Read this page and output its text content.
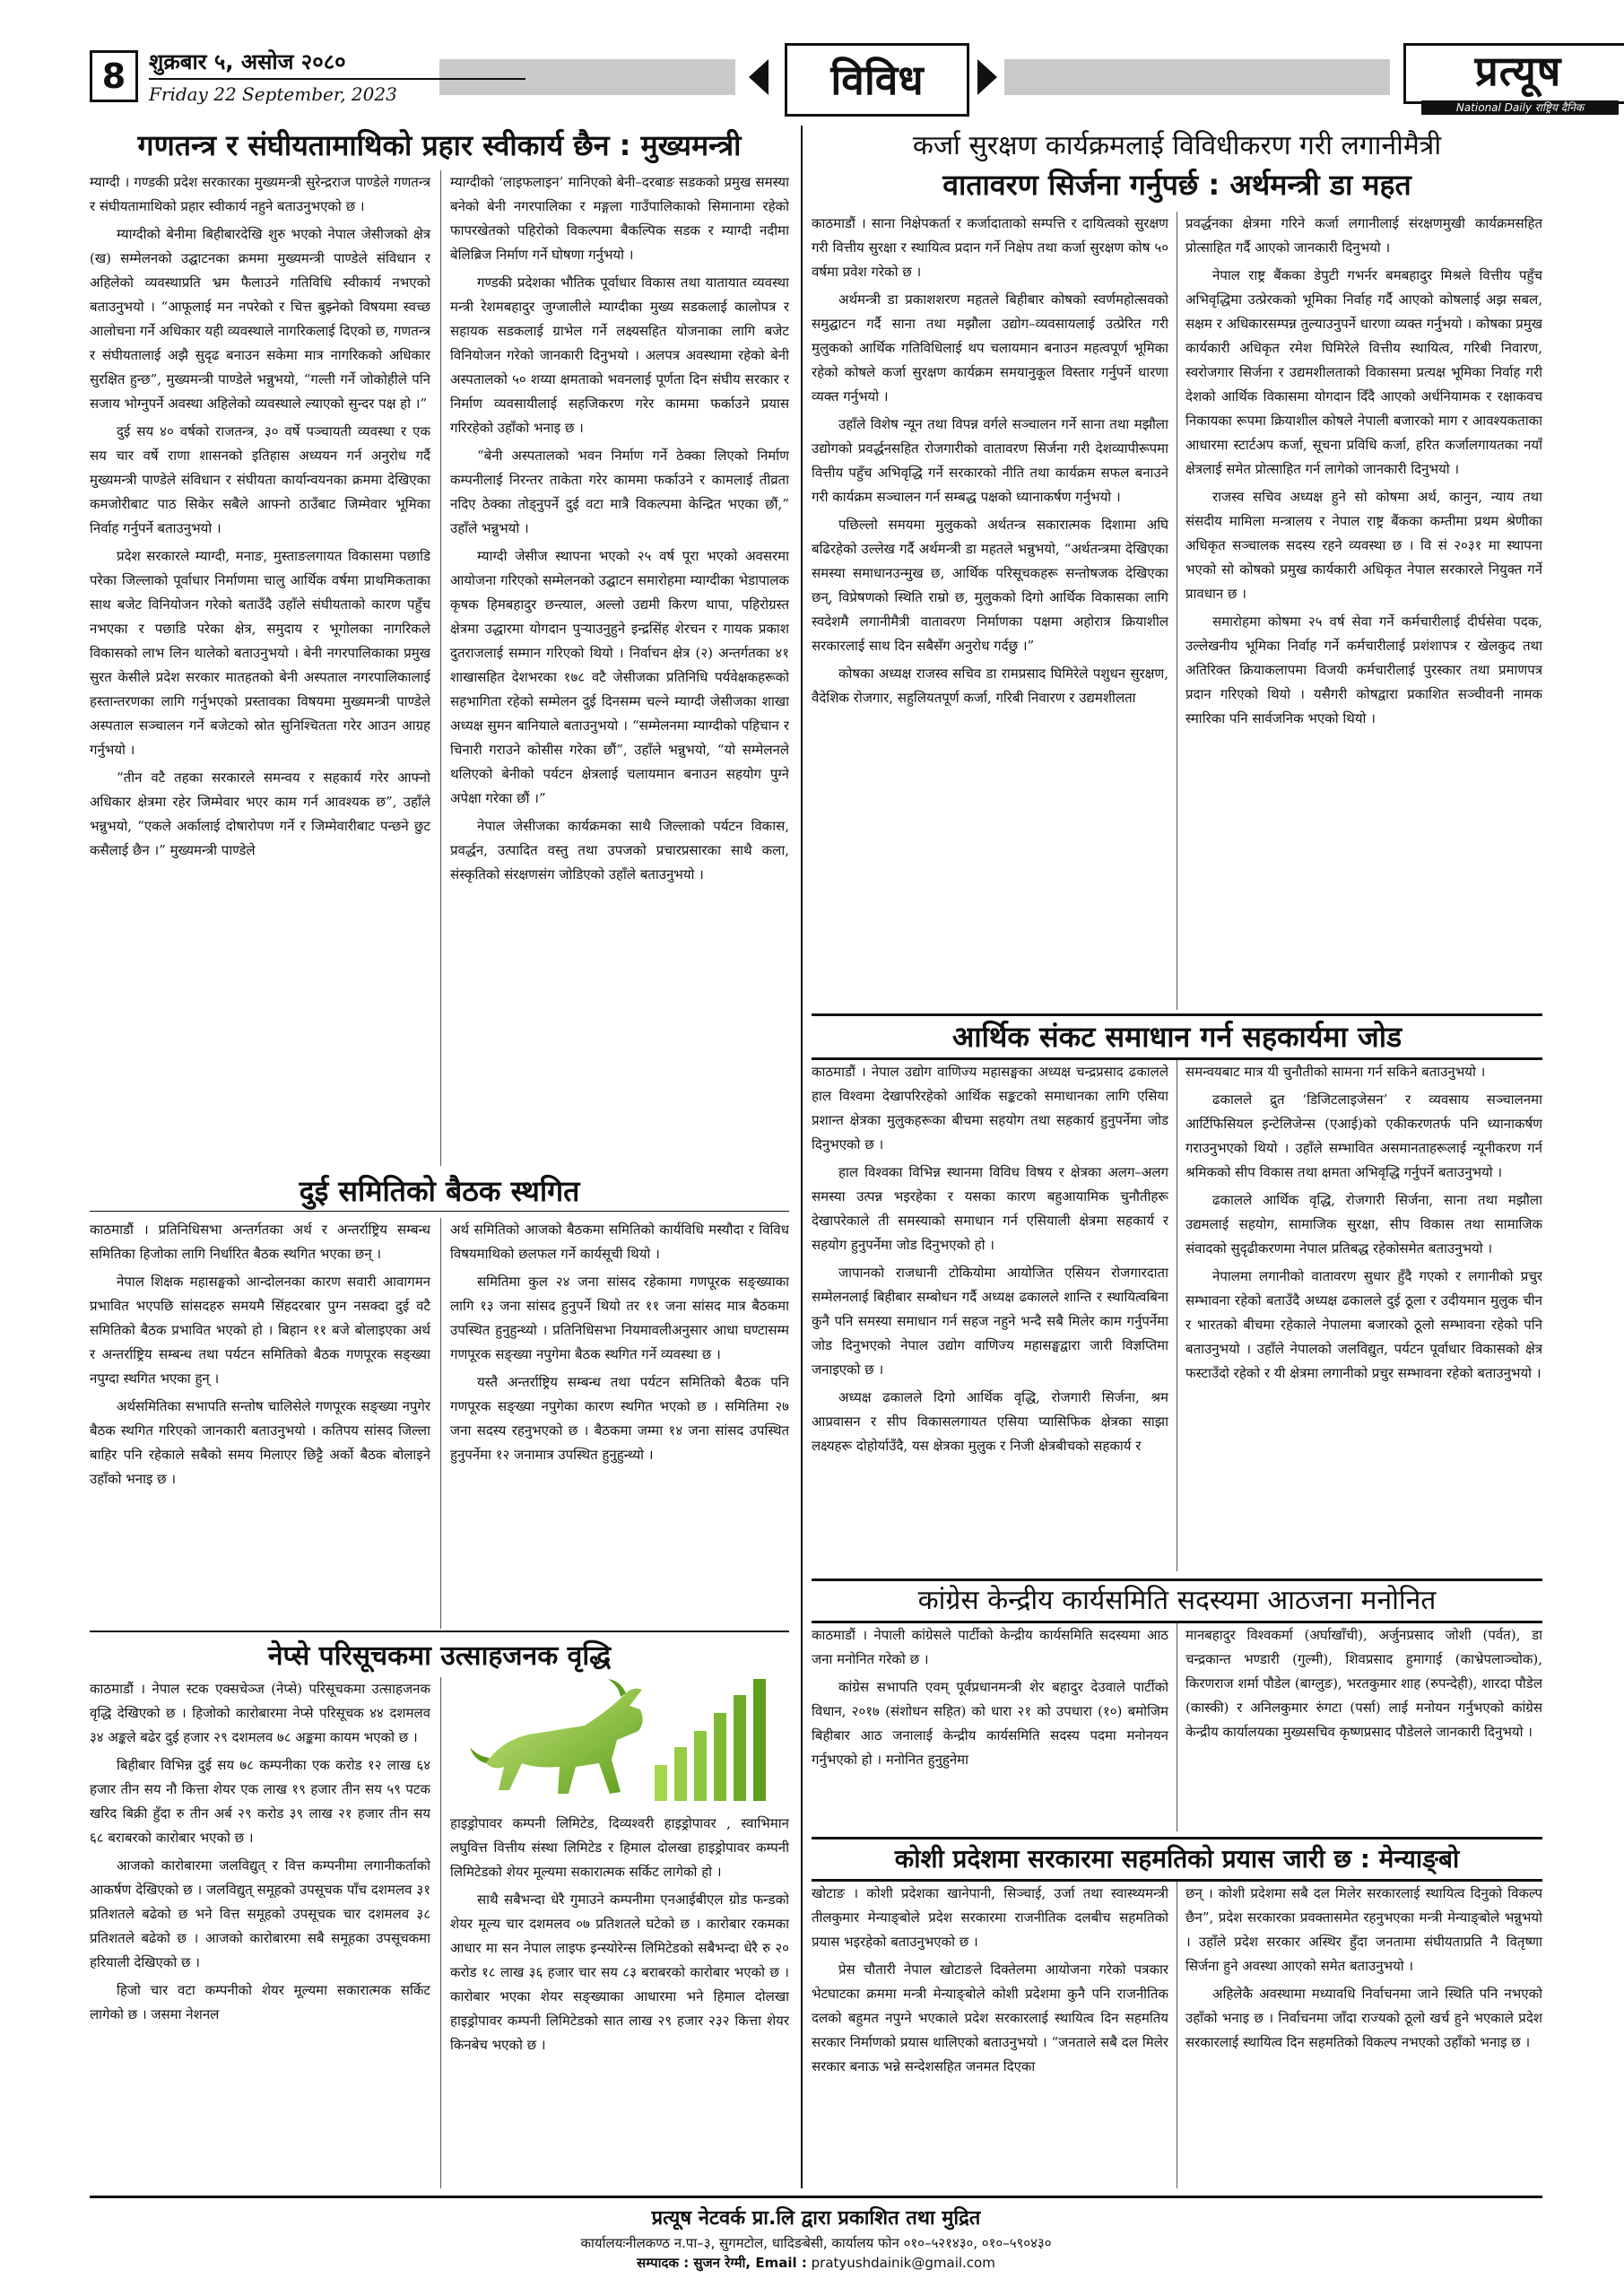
8	शुक्रबार ५, असोज २०८०
Friday 22 September, 2023	विविध	प्रत्यूष
National Daily राष्ट्रिय दैनिक
गणतन्त्र र संघीयतामाथिको प्रहार स्वीकार्य छैन : मुख्यमन्त्री

म्याग्दी । गण्डकी प्रदेश सरकारका मुख्यमन्त्री सुरेन्द्रराज पाण्डेले गणतन्त्र र संघीयतामाथिको प्रहार स्वीकार्य नहुने बताउनुभएको छ ।

म्याग्दीको बेनीमा बिहीबारदेखि शुरु भएको नेपाल जेसीजको क्षेत्र (ख) सम्मेलनको उद्घाटनका क्रममा मुख्यमन्त्री पाण्डेले संविधान र अहिलेको व्यवस्थाप्रति भ्रम फैलाउने गतिविधि स्वीकार्य नभएको बताउनुभयो । “आफूलाई मन नपरेको र चित्त बुझ्नेको विषयमा स्वच्छ आलोचना गर्ने अधिकार यही व्यवस्थाले नागरिकलाई दिएको छ, गणतन्त्र र संघीयतालाई अझै सुदृढ बनाउन सकेमा मात्र नागरिकको अधिकार सुरक्षित हुन्छ”, मुख्यमन्त्री पाण्डेले भन्नुभयो, “गल्ती गर्ने जोकोहीले पनि सजाय भोग्नुपर्ने अवस्था अहिलेको व्यवस्थाले ल्याएको सुन्दर पक्ष हो ।”

दुई सय ४० वर्षको राजतन्त्र, ३० वर्षे पञ्चायती व्यवस्था र एक सय चार वर्षे राणा शासनको इतिहास अध्ययन गर्न अनुरोध गर्दै मुख्यमन्त्री पाण्डेले संविधान र संघीयता कार्यान्वयनका क्रममा देखिएका कमजोरीबाट पाठ सिकेर सबैले आफ्नो ठाउँबाट जिम्मेवार भूमिका निर्वाह गर्नुपर्ने बताउनुभयो ।

प्रदेश सरकारले म्याग्दी, मनाङ, मुस्ताङलगायत विकासमा पछाडि परेका जिल्लाको पूर्वाधार निर्माणमा चालु आर्थिक वर्षमा प्राथमिकताका साथ बजेट विनियोजन गरेको बताउँदै उहाँले संघीयताको कारण पहुँच नभएका र पछाडि परेका क्षेत्र, समुदाय र भूगोलका नागरिकले विकासको लाभ लिन थालेको बताउनुभयो । बेनी नगरपालिकाका प्रमुख सुरत केसीले प्रदेश सरकार मातहतको बेनी अस्पताल नगरपालिकालाई हस्तान्तरणका लागि गर्नुभएको प्रस्तावका विषयमा मुख्यमन्त्री पाण्डेले अस्पताल सञ्चालन गर्ने बजेटको स्रोत सुनिश्चितता गरेर आउन आग्रह गर्नुभयो ।

“तीन वटै तहका सरकारले समन्वय र सहकार्य गरेर आफ्नो अधिकार क्षेत्रमा रहेर जिम्मेवार भएर काम गर्न आवश्यक छ”, उहाँले भन्नुभयो, “एकले अर्कालाई दोषारोपण गर्ने र जिम्मेवारीबाट पन्छने छुट कसैलाई छैन ।” मुख्यमन्त्री पाण्डेले

म्याग्दीको ‘लाइफलाइन’ मानिएको बेनी–दरबाङ सडकको प्रमुख समस्या बनेको बेनी नगरपालिका र मङ्गला गाउँपालिकाको सिमानामा रहेको फापरखेतको पहिरोको विकल्पमा बैकल्पिक सडक र म्याग्दी नदीमा बेलिब्रिज निर्माण गर्ने घोषणा गर्नुभयो ।

गण्डकी प्रदेशका भौतिक पूर्वाधार विकास तथा यातायात व्यवस्था मन्त्री रेशमबहादुर जुग्जालीले म्याग्दीका मुख्य सडकलाई कालोपत्र र सहायक सडकलाई ग्राभेल गर्ने लक्ष्यसहित योजनाका लागि बजेट विनियोजन गरेको जानकारी दिनुभयो । अलपत्र अवस्थामा रहेको बेनी अस्पतालको ५० शय्या क्षमताको भवनलाई पूर्णता दिन संघीय सरकार र निर्माण व्यवसायीलाई सहजिकरण गरेर काममा फर्काउने प्रयास गरिरहेको उहाँको भनाइ छ ।

“बेनी अस्पतालको भवन निर्माण गर्ने ठेक्का लिएको निर्माण कम्पनीलाई निरन्तर ताकेता गरेर काममा फर्काउने र कामलाई तीव्रता नदिए ठेक्का तोड्नुपर्ने दुई वटा मात्रै विकल्पमा केन्द्रित भएका छौं,” उहाँले भन्नुभयो ।

म्याग्दी जेसीज स्थापना भएको २५ वर्ष पूरा भएको अवसरमा आयोजना गरिएको सम्मेलनको उद्घाटन समारोहमा म्याग्दीका भेडापालक कृषक हिमबहादुर छन्त्याल, अल्लो उद्यमी किरण थापा, पहिरोग्रस्त क्षेत्रमा उद्धारमा योगदान पुऱ्याउनुहुने इन्द्रसिंह शेरचन र गायक प्रकाश दुतराजलाई सम्मान गरिएको थियो । निर्वाचन क्षेत्र (२) अन्तर्गतका ४१ शाखासहित देशभरका १७८ वटै जेसीजका प्रतिनिधि पर्यवेक्षकहरूको सहभागिता रहेको सम्मेलन दुई दिनसम्म चल्ने म्याग्दी जेसीजका शाखा अध्यक्ष सुमन बानियाले बताउनुभयो । “सम्मेलनमा म्याग्दीको पहिचान र चिनारी गराउने कोसीस गरेका छौं”, उहाँले भन्नुभयो, “यो सम्मेलनले थलिएको बेनीको पर्यटन क्षेत्रलाई चलायमान बनाउन सहयोग पुग्ने अपेक्षा गरेका छौं ।”

नेपाल जेसीजका कार्यक्रमका साथै जिल्लाको पर्यटन विकास, प्रवर्द्धन, उत्पादित वस्तु तथा उपजको प्रचारप्रसारका साथै कला, संस्कृतिको संरक्षणसंग जोडिएको उहाँले बताउनुभयो ।

दुई समितिको बैठक स्थगित

काठमाडौं । प्रतिनिधिसभा अन्तर्गतका अर्थ र अन्तर्राष्ट्रिय सम्बन्ध समितिका हिजोका लागि निर्धारित बैठक स्थगित भएका छन् ।

नेपाल शिक्षक महासङ्घको आन्दोलनका कारण सवारी आवागमन प्रभावित भएपछि सांसदहरु समयमै सिंहदरबार पुग्न नसक्दा दुई वटै समितिको बैठक प्रभावित भएको हो । बिहान ११ बजे बोलाइएका अर्थ र अन्तर्राष्ट्रिय सम्बन्ध तथा पर्यटन समितिको बैठक गणपूरक सङ्ख्या नपुग्दा स्थगित भएका हुन् ।

अर्थसमितिका सभापति सन्तोष चालिसेले गणपूरक सङ्ख्या नपुगेर बैठक स्थगित गरिएको जानकारी बताउनुभयो । कतिपय सांसद जिल्ला बाहिर पनि रहेकाले सबैको समय मिलाएर छिट्टै अर्को बैठक बोलाइने उहाँको भनाइ छ ।

अर्थ समितिको आजको बैठकमा समितिको कार्यविधि मस्यौदा र विविध विषयमाथिको छलफल गर्ने कार्यसूची थियो ।

समितिमा कुल २४ जना सांसद रहेकामा गणपूरक सङ्ख्याका लागि १३ जना सांसद हुनुपर्ने थियो तर ११ जना सांसद मात्र बैठकमा उपस्थित हुनुहुन्थ्यो । प्रतिनिधिसभा नियमावलीअनुसार आधा घण्टासम्म गणपूरक सङ्ख्या नपुगेमा बैठक स्थगित गर्ने व्यवस्था छ ।

यस्तै अन्तर्राष्ट्रिय सम्बन्ध तथा पर्यटन समितिको बैठक पनि गणपूरक सङ्ख्या नपुगेका कारण स्थगित भएको छ । समितिमा २७ जना सदस्य रहनुभएको छ । बैठकमा जम्मा १४ जना सांसद उपस्थित हुनुपर्नेमा १२ जनामात्र उपस्थित हुनुहुन्थ्यो ।

नेप्से परिसूचकमा उत्साहजनक वृद्धि

काठमाडौं । नेपाल स्टक एक्सचेञ्ज (नेप्से) परिसूचकमा उत्साहजनक वृद्धि देखिएको छ । हिजोको कारोबारमा नेप्से परिसूचक ४४ दशमलव ३४ अङ्कले बढेर दुई हजार २९ दशमलव ७८ अङ्कमा कायम भएको छ ।

बिहीबार विभिन्न दुई सय ७८ कम्पनीका एक करोड १२ लाख ६४ हजार तीन सय नौ कित्ता शेयर एक लाख १९ हजार तीन सय ५९ पटक खरिद बिक्री हुँदा रु तीन अर्ब २९ करोड ३९ लाख २१ हजार तीन सय ६८ बराबरको कारोबार भएको छ ।

आजको कारोबारमा जलविद्युत् र वित्त कम्पनीमा लगानीकर्ताको आकर्षण देखिएको छ । जलविद्युत् समूहको उपसूचक पाँच दशमलव ३१ प्रतिशतले बढेको छ भने वित्त समूहको उपसूचक चार दशमलव ३८ प्रतिशतले बढेको छ । आजको कारोबारमा सबै समूहका उपसूचकमा हरियाली देखिएको छ ।

हिजो चार वटा कम्पनीको शेयर मूल्यमा सकारात्मक सर्किट लागेको छ । जसमा नेशनल

हाइड्रोपावर कम्पनी लिमिटेड, दिव्यश्वरी हाइड्रोपावर , स्वाभिमान लघुवित्त वित्तीय संस्था लिमिटेड र हिमाल दोलखा हाइड्रोपावर कम्पनी लिमिटेडको शेयर मूल्यमा सकारात्मक सर्किट लागेको हो ।

साथै सबैभन्दा धेरै गुमाउने कम्पनीमा एनआईबीएल ग्रोड फन्डको शेयर मूल्य चार दशमलव ०७ प्रतिशतले घटेको छ । कारोबार रकमका आधार मा सन नेपाल लाइफ इन्स्योरेन्स लिमिटेडको सबैभन्दा धेरै रु २० करोड १८ लाख ३६ हजार चार सय ८३ बराबरको कारोबार भएको छ । कारोबार भएका शेयर सङ्ख्याका आधारमा भने हिमाल दोलखा हाइड्रोपावर कम्पनी लिमिटेडको सात लाख २९ हजार २३२ कित्ता शेयर किनबेच भएको छ ।

कर्जा सुरक्षण कार्यक्रमलाई विविधीकरण गरी लगानीमैत्री
वातावरण सिर्जना गर्नुपर्छ : अर्थमन्त्री डा महत

काठमाडौं । साना निक्षेपकर्ता र कर्जादाताको सम्पत्ति र दायित्वको सुरक्षण गरी वित्तीय सुरक्षा र स्थायित्व प्रदान गर्ने निक्षेप तथा कर्जा सुरक्षण कोष ५० वर्षमा प्रवेश गरेको छ ।

अर्थमन्त्री डा प्रकाशशरण महतले बिहीबार कोषको स्वर्णमहोत्सवको समुद्घाटन गर्दै साना तथा मझौला उद्योग–व्यवसायलाई उत्प्रेरित गरी मुलुकको आर्थिक गतिविधिलाई थप चलायमान बनाउन महत्वपूर्ण भूमिका रहेको कोषले कर्जा सुरक्षण कार्यक्रम समयानुकूल विस्तार गर्नुपर्ने धारणा व्यक्त गर्नुभयो ।

उहाँले विशेष न्यून तथा विपन्न वर्गले सञ्चालन गर्ने साना तथा मझौला उद्योगको प्रवर्द्धनसहित रोजगारीको वातावरण सिर्जना गरी देशव्यापीरूपमा वित्तीय पहुँच अभिवृद्धि गर्ने सरकारको नीति तथा कार्यक्रम सफल बनाउने गरी कार्यक्रम सञ्चालन गर्न सम्बद्ध पक्षको ध्यानाकर्षण गर्नुभयो ।

पछिल्लो समयमा मुलुकको अर्थतन्त्र सकारात्मक दिशामा अघि बढिरहेको उल्लेख गर्दै अर्थमन्त्री डा महतले भन्नुभयो, “अर्थतन्त्रमा देखिएका समस्या समाधानउन्मुख छ, आर्थिक परिसूचकहरू सन्तोषजक देखिएका छन्, विप्रेषणको स्थिति राम्रो छ, मुलुकको दिगो आर्थिक विकासका लागि स्वदेशमै लगानीमैत्री वातावरण निर्माणका पक्षमा अहोरात्र क्रियाशील सरकारलाई साथ दिन सबैसँग अनुरोध गर्दछु ।”

कोषका अध्यक्ष राजस्व सचिव डा रामप्रसाद घिमिरेले पशुधन सुरक्षण, वैदेशिक रोजगार, सहुलियतपूर्ण कर्जा, गरिबी निवारण र उद्यमशीलता

प्रवर्द्धनका क्षेत्रमा गरिने कर्जा लगानीलाई संरक्षणमुखी कार्यक्रमसहित प्रोत्साहित गर्दै आएको जानकारी दिनुभयो ।

नेपाल राष्ट्र बैंकका डेपुटी गभर्नर बमबहादुर मिश्रले वित्तीय पहुँच अभिवृद्धिमा उत्प्रेरकको भूमिका निर्वाह गर्दै आएको कोषलाई अझ सबल, सक्षम र अधिकारसम्पन्न तुल्याउनुपर्ने धारणा व्यक्त गर्नुभयो । कोषका प्रमुख कार्यकारी अधिकृत रमेश घिमिरेले वित्तीय स्थायित्व, गरिबी निवारण, स्वरोजगार सिर्जना र उद्यमशीलताको विकासमा प्रत्यक्ष भूमिका निर्वाह गरी देशको आर्थिक विकासमा योगदान दिँदै आएको अर्धनियामक र रक्षाकवच निकायका रूपमा क्रियाशील कोषले नेपाली बजारको माग र आवश्यकताका आधारमा स्टार्टअप कर्जा, सूचना प्रविधि कर्जा, हरित कर्जालगायतका नयाँ क्षेत्रलाई समेत प्रोत्साहित गर्न लागेको जानकारी दिनुभयो ।

राजस्व सचिव अध्यक्ष हुने सो कोषमा अर्थ, कानुन, न्याय तथा संसदीय मामिला मन्त्रालय र नेपाल राष्ट्र बैंकका कम्तीमा प्रथम श्रेणीका अधिकृत सञ्चालक सदस्य रहने व्यवस्था छ । वि सं २०३१ मा स्थापना भएको सो कोषको प्रमुख कार्यकारी अधिकृत नेपाल सरकारले नियुक्त गर्ने प्रावधान छ ।

समारोहमा कोषमा २५ वर्ष सेवा गर्ने कर्मचारीलाई दीर्घसेवा पदक, उल्लेखनीय भूमिका निर्वाह गर्ने कर्मचारीलाई प्रशंशापत्र र खेलकुद तथा अतिरिक्त क्रियाकलापमा विजयी कर्मचारीलाई पुरस्कार तथा प्रमाणपत्र प्रदान गरिएको थियो । यसैगरी कोषद्वारा प्रकाशित सञ्चीवनी नामक स्मारिका पनि सार्वजनिक भएको थियो ।

आर्थिक संकट समाधान गर्न सहकार्यमा जोड

काठमाडौं । नेपाल उद्योग वाणिज्य महासङ्घका अध्यक्ष चन्द्रप्रसाद ढकालले हाल विश्वमा देखापरिरहेको आर्थिक सङ्कटको समाधानका लागि एसिया प्रशान्त क्षेत्रका मुलुकहरूका बीचमा सहयोग तथा सहकार्य हुनुपर्नेमा जोड दिनुभएको छ ।

हाल विश्वका विभिन्न स्थानमा विविध विषय र क्षेत्रका अलग–अलग समस्या उत्पन्न भइरहेका र यसका कारण बहुआयामिक चुनौतीहरू देखापरेकाले ती समस्याको समाधान गर्न एसियाली क्षेत्रमा सहकार्य र सहयोग हुनुपर्नेमा जोड दिनुभएको हो ।

जापानको राजधानी टोकियोमा आयोजित एसियन रोजगारदाता सम्मेलनलाई बिहीबार सम्बोधन गर्दै अध्यक्ष ढकालले शान्ति र स्थायित्वबिना कुनै पनि समस्या समाधान गर्न सहज नहुने भन्दै सबै मिलेर काम गर्नुपर्नेमा जोड दिनुभएको नेपाल उद्योग वाणिज्य महासङ्घद्वारा जारी विज्ञप्तिमा जनाइएको छ ।

अध्यक्ष ढकालले दिगो आर्थिक वृद्धि, रोजगारी सिर्जना, श्रम आप्रवासन र सीप विकासलगायत एसिया प्यासिफिक क्षेत्रका साझा लक्ष्यहरू दोहोर्याउँदै, यस क्षेत्रका मुलुक र निजी क्षेत्रबीचको सहकार्य र

समन्वयबाट मात्र यी चुनौतीको सामना गर्न सकिने बताउनुभयो ।

ढकालले द्रुत ‘डिजिटलाइजेसन’ र व्यवसाय सञ्चालनमा आर्टिफिसियल इन्टेलिजेन्स (एआई)को एकीकरणतर्फ पनि ध्यानाकर्षण गराउनुभएको थियो । उहाँले सम्भावित असमानताहरूलाई न्यूनीकरण गर्न श्रमिकको सीप विकास तथा क्षमता अभिवृद्धि गर्नुपर्ने बताउनुभयो ।

ढकालले आर्थिक वृद्धि, रोजगारी सिर्जना, साना तथा मझौला उद्यमलाई सहयोग, सामाजिक सुरक्षा, सीप विकास तथा सामाजिक संवादको सुदृढीकरणमा नेपाल प्रतिबद्ध रहेकोसमेत बताउनुभयो ।

नेपालमा लगानीको वातावरण सुधार हुँदै गएको र लगानीको प्रचुर सम्भावना रहेको बताउँदै अध्यक्ष ढकालले दुई ठूला र उदीयमान मुलुक चीन र भारतको बीचमा रहेकाले नेपालमा बजारको ठूलो सम्भावना रहेको पनि बताउनुभयो । उहाँले नेपालको जलविद्युत, पर्यटन पूर्वाधार विकासको क्षेत्र फस्टाउँदो रहेको र यी क्षेत्रमा लगानीको प्रचुर सम्भावना रहेको बताउनुभयो ।

कांग्रेस केन्द्रीय कार्यसमिति सदस्यमा आठजना मनोनित

काठमाडौं । नेपाली कांग्रेसले पार्टीको केन्द्रीय कार्यसमिति सदस्यमा आठ जना मनोनित गरेको छ ।

कांग्रेस सभापति एवम् पूर्वप्रधानमन्त्री शेर बहादुर देउवाले पार्टीको विधान, २०१७ (संशोधन सहित) को धारा २१ को उपधारा (१०) बमोजिम बिहीबार आठ जनालाई केन्द्रीय कार्यसमिति सदस्य पदमा मनोनयन गर्नुभएको हो । मनोनित हुनुहुनेमा

मानबहादुर विश्वकर्मा (अर्घाखाँची), अर्जुनप्रसाद जोशी (पर्वत), डा चन्द्रकान्त भण्डारी (गुल्मी), शिवप्रसाद हुमागाई (काभ्रेपलाञ्चोक), किरणराज शर्मा पौडेल (बाग्लुङ), भरतकुमार शाह (रुपन्देही), शारदा पौडेल (कास्की) र अनिलकुमार रुंगटा (पर्सा) लाई मनोयन गर्नुभएको कांग्रेस केन्द्रीय कार्यालयका मुख्यसचिव कृष्णप्रसाद पौडेलले जानकारी दिनुभयो ।

कोशी प्रदेशमा सरकारमा सहमतिको प्रयास जारी छ : मेन्याङ्बो

खोटाङ । कोशी प्रदेशका खानेपानी, सिञ्चाई, उर्जा तथा स्वास्थ्यमन्त्री तीलकुमार मेन्याङ्बोले प्रदेश सरकारमा राजनीतिक दलबीच सहमतिको प्रयास भइरहेको बताउनुभएको छ ।

प्रेस चौतारी नेपाल खोटाङले दिक्तेलमा आयोजना गरेको पत्रकार भेटघाटका क्रममा मन्त्री मेन्याङ्बोले कोशी प्रदेशमा कुनै पनि राजनीतिक दलको बहुमत नपुग्ने भएकाले प्रदेश सरकारलाई स्थायित्व दिन सहमतिय सरकार निर्माणको प्रयास थालिएको बताउनुभयो । “जनताले सबै दल मिलेर सरकार बनाऊ भन्ने सन्देशसहित जनमत दिएका

छन् । कोशी प्रदेशमा सबै दल मिलेर सरकारलाई स्थायित्व दिनुको विकल्प छैन”, प्रदेश सरकारका प्रवक्तासमेत रहनुभएका मन्त्री मेन्याङ्बोले भन्नुभयो । उहाँले प्रदेश सरकार अस्थिर हुँदा जनतामा संघीयताप्रति नै वितृष्णा सिर्जना हुने अवस्था आएको समेत बताउनुभयो ।

अहिलेकै अवस्थामा मध्यावधि निर्वाचनमा जाने स्थिति पनि नभएको उहाँको भनाइ छ । निर्वाचनमा जाँदा राज्यको ठूलो खर्च हुने भएकाले प्रदेश सरकारलाई स्थायित्व दिन सहमतिको विकल्प नभएको उहाँको भनाइ छ ।

प्रत्यूष नेटवर्क प्रा.लि द्वारा प्रकाशित तथा मुद्रित
कार्यालयःनीलकण्ठ न.पा–३, सुगमटोल, धादिङबेसी, कार्यालय फोन ०१०–५२१४३०, ०१०–५९०४३०
सम्पादक : सुजन रेग्मी, Email : pratyushdainik@gmail.com
